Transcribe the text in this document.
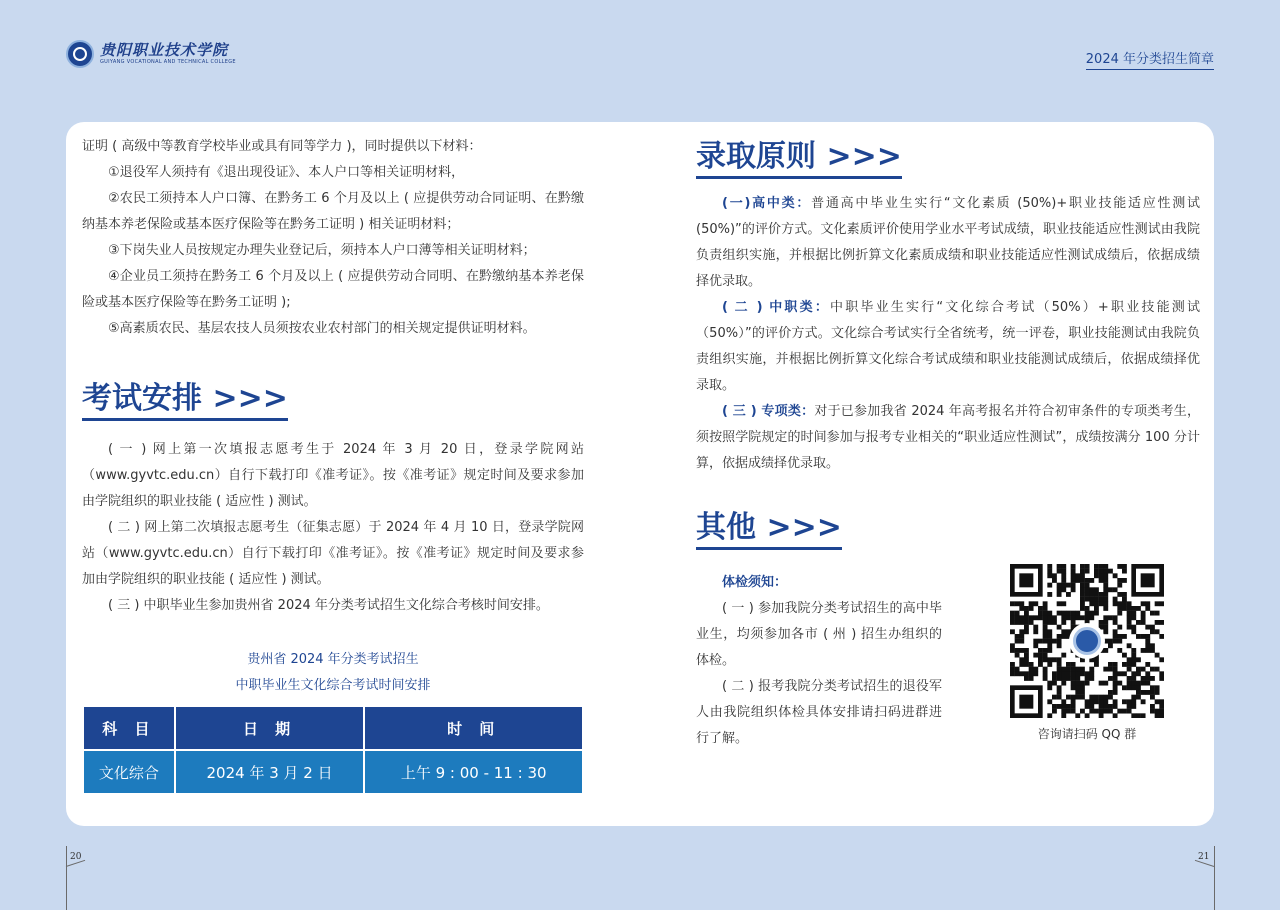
贵阳职业技术学院
GUIYANG VOCATIONAL AND TECHNICAL COLLEGE	2024 年分类招生简章

证明 ( 高级中等教育学校毕业或具有同等学力 )，同时提供以下材料：

①退役军人须持有《退出现役证》、本人户口等相关证明材料，

②农民工须持本人户口簿、在黔务工 6 个月及以上 ( 应提供劳动合同证明、在黔缴纳基本养老保险或基本医疗保险等在黔务工证明 ) 相关证明材料；

③下岗失业人员按规定办理失业登记后，须持本人户口薄等相关证明材料；

④企业员工须持在黔务工 6 个月及以上 ( 应提供劳动合同明、在黔缴纳基本养老保险或基本医疗保险等在黔务工证明 );

⑤高素质农民、基层农技人员须按农业农村部门的相关规定提供证明材料。

考试安排 >>>

( 一 ) 网上第一次填报志愿考生于 2024 年 3 月 20 日，登录学院网站（www.gyvtc.edu.cn）自行下载打印《准考证》。按《准考证》规定时间及要求参加由学院组织的职业技能 ( 适应性 ) 测试。

( 二 ) 网上第二次填报志愿考生（征集志愿）于 2024 年 4 月 10 日，登录学院网站（www.gyvtc.edu.cn）自行下载打印《准考证》。按《准考证》规定时间及要求参加由学院组织的职业技能 ( 适应性 ) 测试。

( 三 ) 中职毕业生参加贵州省 2024 年分类考试招生文化综合考核时间安排。

贵州省 2024 年分类考试招生
中职毕业生文化综合考试时间安排
科 目	日 期	时 间
文化综合	2024 年 3 月 2 日	上午 9 : 00 - 11 : 30
录取原则 >>>

(一)高中类：普通高中毕业生实行“文化素质 (50%)+职业技能适应性测试 (50%)”的评价方式。文化素质评价使用学业水平考试成绩，职业技能适应性测试由我院负责组织实施，并根据比例折算文化素质成绩和职业技能适应性测试成绩后，依据成绩择优录取。

( 二 ) 中职类：中职毕业生实行“文化综合考试（50%）+职业技能测试（50%）”的评价方式。文化综合考试实行全省统考，统一评卷，职业技能测试由我院负责组织实施，并根据比例折算文化综合考试成绩和职业技能测试成绩后，依据成绩择优录取。

( 三 ) 专项类：对于已参加我省 2024 年高考报名并符合初审条件的专项类考生，须按照学院规定的时间参加与报考专业相关的“职业适应性测试”，成绩按满分 100 分计算，依据成绩择优录取。

其他 >>>

体检须知：

( 一 ) 参加我院分类考试招生的高中毕业生，均须参加各市 ( 州 ) 招生办组织的体检。

( 二 ) 报考我院分类考试招生的退役军人由我院组织体检具体安排请扫码进群进行了解。	咨询请扫码 QQ 群
20	21
